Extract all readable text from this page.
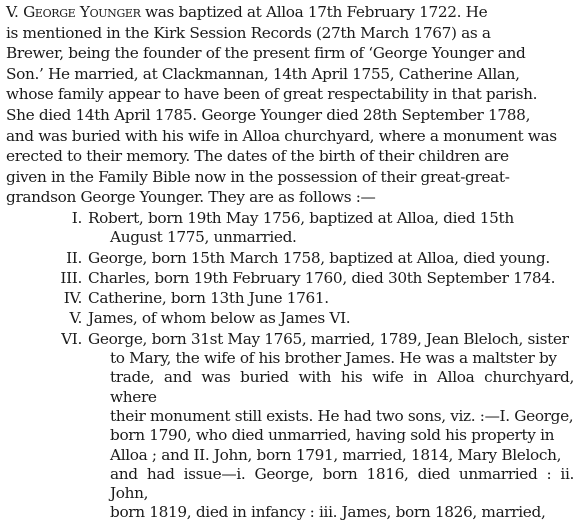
V. George Younger was baptized at Alloa 17th February 1722. He
is mentioned in the Kirk Session Records (27th March 1767) as a
Brewer, being the founder of the present firm of ‘George Younger and
Son.’ He married, at Clackmannan, 14th April 1755, Catherine Allan,
whose family appear to have been of great respectability in that parish.
She died 14th April 1785. George Younger died 28th September 1788,
and was buried with his wife in Alloa churchyard, where a monument was
erected to their memory. The dates of the birth of their children are
given in the Family Bible now in the possession of their great-great-
grandson George Younger. They are as follows :—
I. Robert, born 19th May 1756, baptized at Alloa, died 15th

August 1775, unmarried.

II. George, born 15th March 1758, baptized at Alloa, died young.

III. Charles, born 19th February 1760, died 30th September 1784.

IV. Catherine, born 13th June 1761.

V. James, of whom below as James VI.

VI. George, born 31st May 1765, married, 1789, Jean Bleloch, sister

to Mary, the wife of his brother James. He was a maltster by

trade, and was buried with his wife in Alloa churchyard, where

their monument still exists. He had two sons, viz. :—I. George,

born 1790, who died unmarried, having sold his property in

Alloa ; and II. John, born 1791, married, 1814, Mary Bleloch,

and had issue—i. George, born 1816, died unmarried : ii. John,

born 1819, died in infancy : iii. James, born 1826, married,
